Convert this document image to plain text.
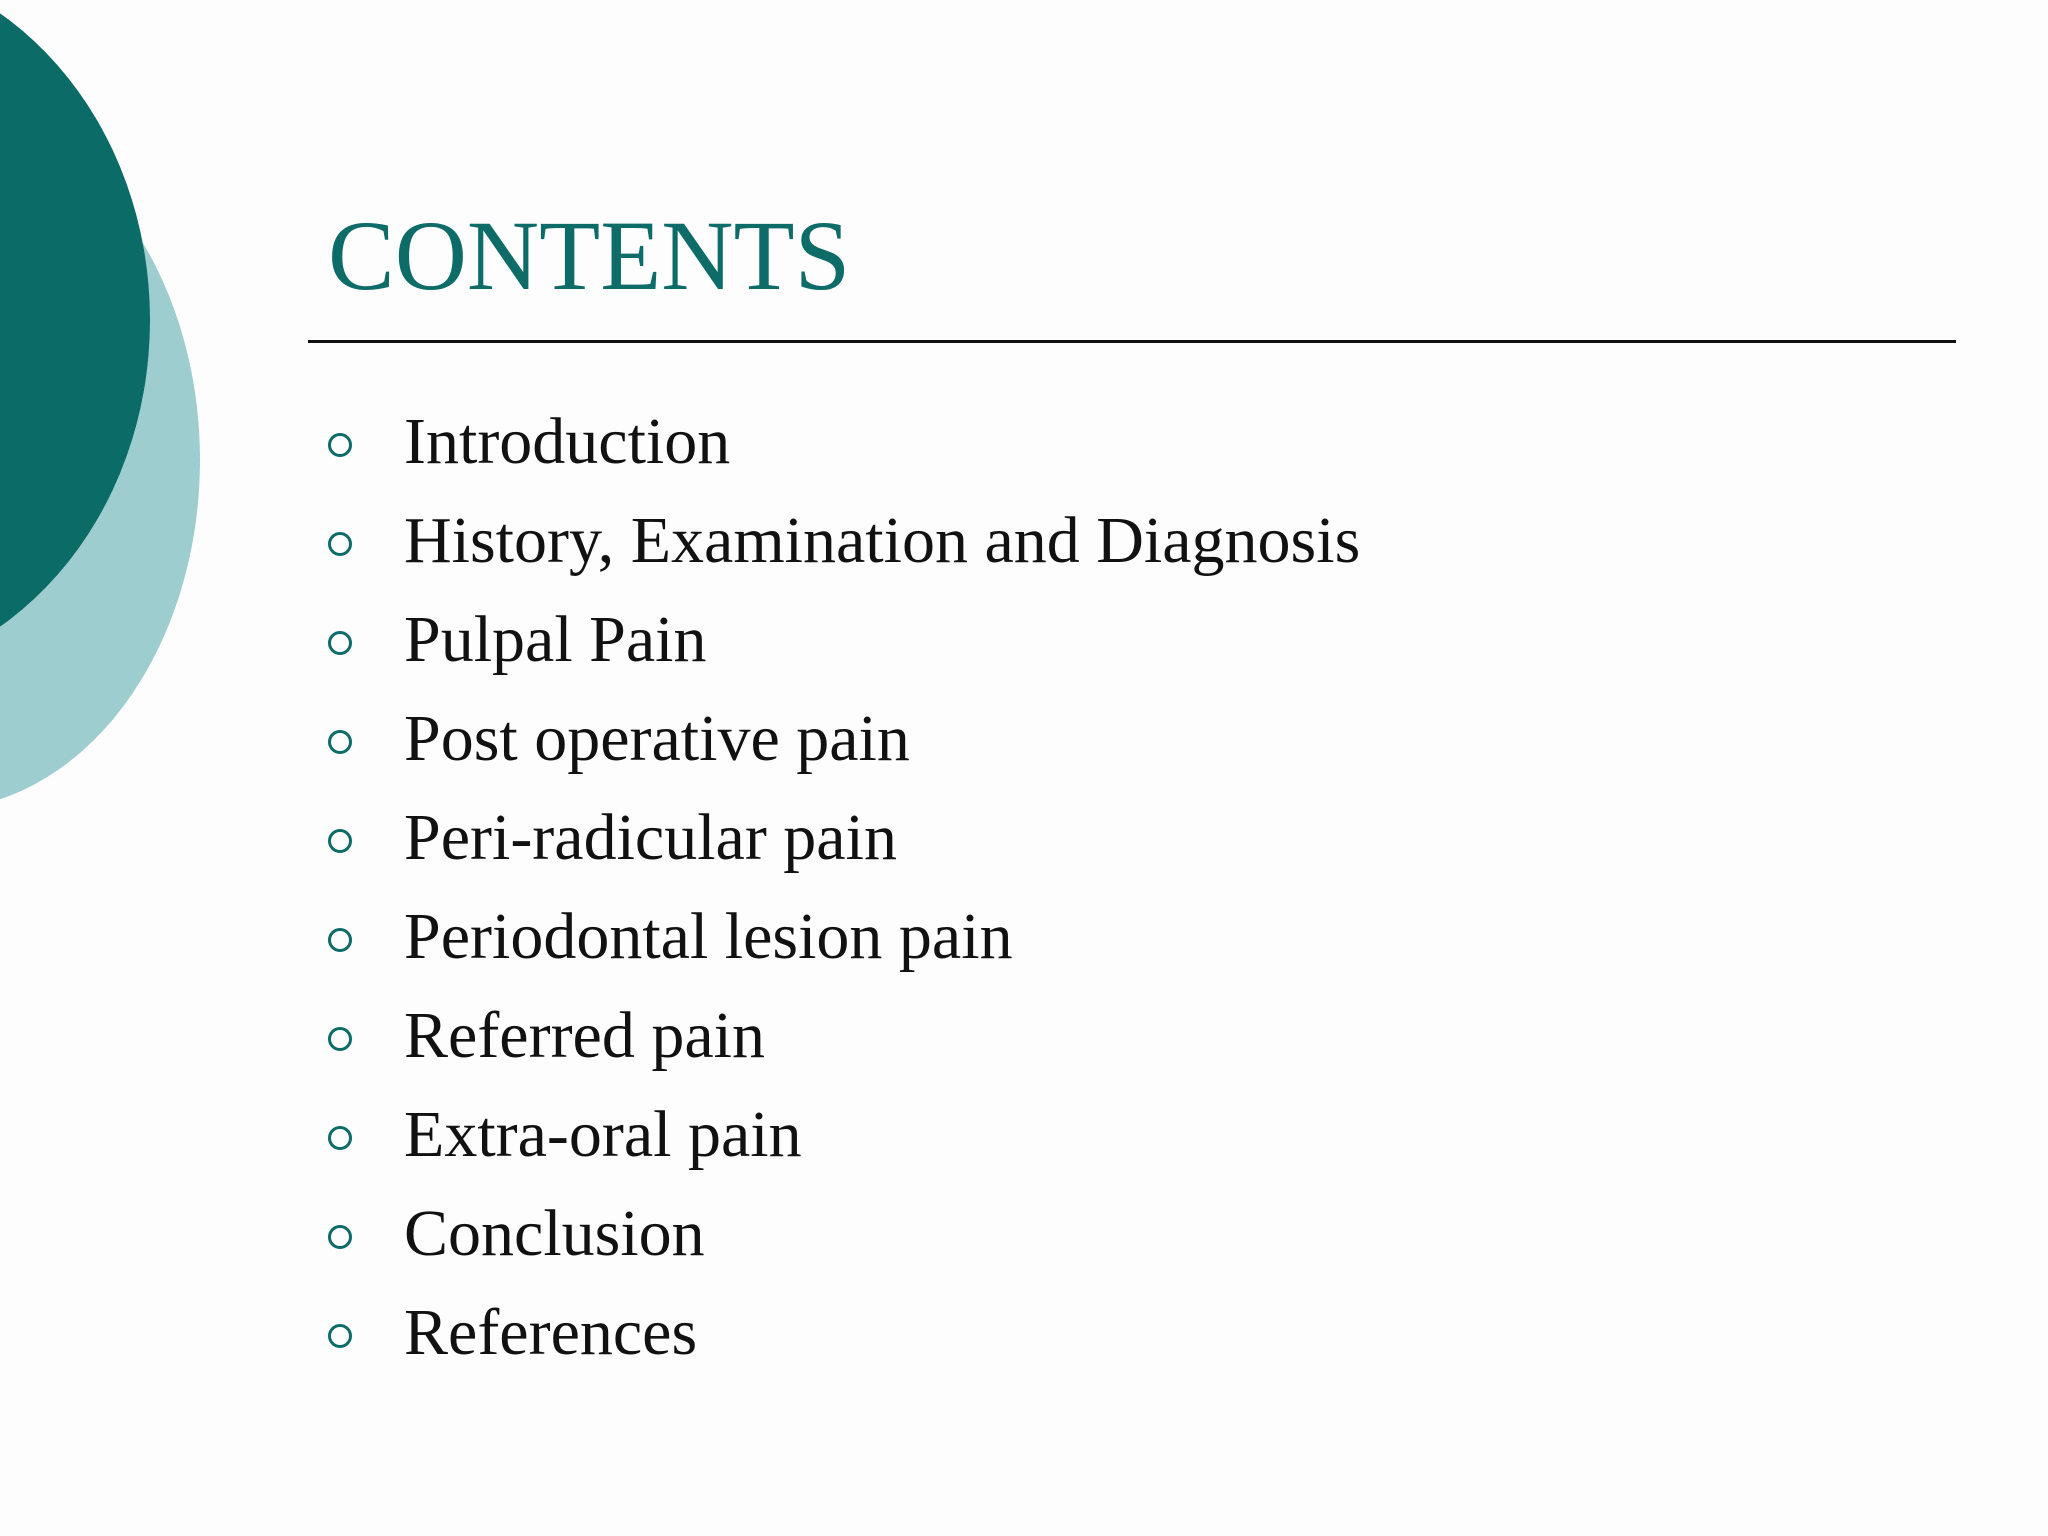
CONTENTS
Introduction
History, Examination and Diagnosis
Pulpal Pain
Post operative pain
Peri-radicular pain
Periodontal lesion pain
Referred pain
Extra-oral pain
Conclusion
References
